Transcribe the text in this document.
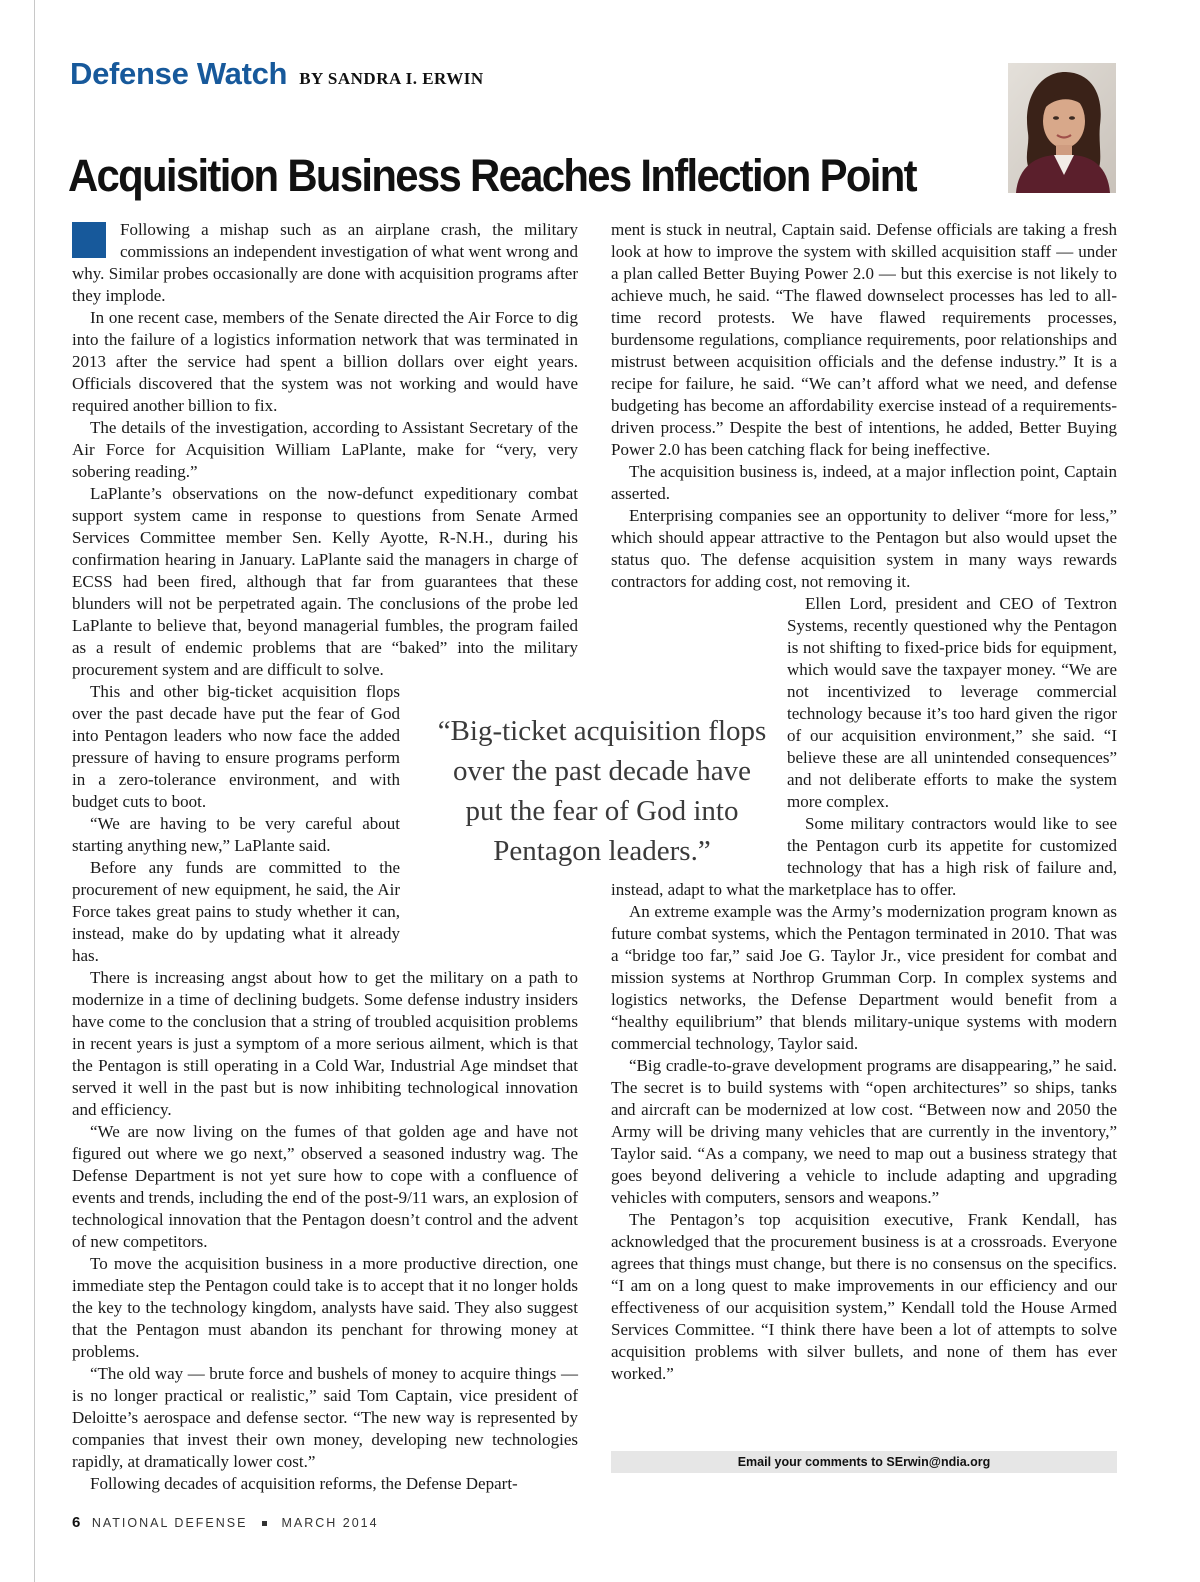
Defense Watch BY SANDRA I. ERWIN
Acquisition Business Reaches Inflection Point

Following a mishap such as an airplane crash, the military commissions an independent investigation of what went wrong and why. Similar probes occasionally are done with acquisition programs after they implode.

In one recent case, members of the Senate directed the Air Force to dig into the failure of a logistics information network that was terminated in 2013 after the service had spent a billion dollars over eight years. Officials discovered that the system was not working and would have required another billion to fix.

The details of the investigation, according to Assistant Secretary of the Air Force for Acquisition William LaPlante, make for “very, very sobering reading.”

LaPlante’s observations on the now-defunct expeditionary combat support system came in response to questions from Senate Armed Services Committee member Sen. Kelly Ayotte, R-N.H., during his confirmation hearing in January. LaPlante said the managers in charge of ECSS had been fired, although that far from guarantees that these blunders will not be perpetrated again. The conclusions of the probe led LaPlante to believe that, beyond managerial fumbles, the program failed as a result of endemic problems that are “baked” into the military procurement system and are difficult to solve.

This and other big-ticket acquisition flops over the past decade have put the fear of God into Pentagon leaders who now face the added pressure of having to ensure programs perform in a zero-tolerance environment, and with budget cuts to boot.

“We are having to be very careful about starting anything new,” LaPlante said.

Before any funds are committed to the procurement of new equipment, he said, the Air Force takes great pains to study whether it can, instead, make do by updating what it already has.

There is increasing angst about how to get the military on a path to modernize in a time of declining budgets. Some defense industry insiders have come to the conclusion that a string of troubled acquisition problems in recent years is just a symptom of a more serious ailment, which is that the Pentagon is still operating in a Cold War, Industrial Age mindset that served it well in the past but is now inhibiting technological innovation and efficiency.

“We are now living on the fumes of that golden age and have not figured out where we go next,” observed a seasoned industry wag. The Defense Department is not yet sure how to cope with a confluence of events and trends, including the end of the post-9/11 wars, an explosion of technological innovation that the Pentagon doesn’t control and the advent of new competitors.

To move the acquisition business in a more productive direction, one immediate step the Pentagon could take is to accept that it no longer holds the key to the technology kingdom, analysts have said. They also suggest that the Pentagon must abandon its penchant for throwing money at problems.

“The old way — brute force and bushels of money to acquire things — is no longer practical or realistic,” said Tom Captain, vice president of Deloitte’s aerospace and defense sector. “The new way is represented by companies that invest their own money, developing new technologies rapidly, at dramatically lower cost.”

Following decades of acquisition reforms, the Defense Depart-

ment is stuck in neutral, Captain said. Defense officials are taking a fresh look at how to improve the system with skilled acquisition staff — under a plan called Better Buying Power 2.0 — but this exercise is not likely to achieve much, he said. “The flawed downselect processes has led to all-time record protests. We have flawed requirements processes, burdensome regulations, compliance requirements, poor relationships and mistrust between acquisition officials and the defense industry.” It is a recipe for failure, he said. “We can’t afford what we need, and defense budgeting has become an affordability exercise instead of a requirements-driven process.” Despite the best of intentions, he added, Better Buying Power 2.0 has been catching flack for being ineffective.

The acquisition business is, indeed, at a major inflection point, Captain asserted.

Enterprising companies see an opportunity to deliver “more for less,” which should appear attractive to the Pentagon but also would upset the status quo. The defense acquisition system in many ways rewards contractors for adding cost, not removing it.

Ellen Lord, president and CEO of Textron Systems, recently questioned why the Pentagon is not shifting to fixed-price bids for equipment, which would save the taxpayer money. “We are not incentivized to leverage commercial technology because it’s too hard given the rigor of our acquisition environment,” she said. “I believe these are all unintended consequences” and not deliberate efforts to make the system more complex.

Some military contractors would like to see the Pentagon curb its appetite for customized technology that has a high risk of failure and, instead, adapt to what the marketplace has to offer.

An extreme example was the Army’s modernization program known as future combat systems, which the Pentagon terminated in 2010. That was a “bridge too far,” said Joe G. Taylor Jr., vice president for combat and mission systems at Northrop Grumman Corp. In complex systems and logistics networks, the Defense Department would benefit from a “healthy equilibrium” that blends military-unique systems with modern commercial technology, Taylor said.

“Big cradle-to-grave development programs are disappearing,” he said. The secret is to build systems with “open architectures” so ships, tanks and aircraft can be modernized at low cost. “Between now and 2050 the Army will be driving many vehicles that are currently in the inventory,” Taylor said. “As a company, we need to map out a business strategy that goes beyond delivering a vehicle to include adapting and upgrading vehicles with computers, sensors and weapons.”

The Pentagon’s top acquisition executive, Frank Kendall, has acknowledged that the procurement business is at a crossroads. Everyone agrees that things must change, but there is no consensus on the specifics. “I am on a long quest to make improvements in our efficiency and our effectiveness of our acquisition system,” Kendall told the House Armed Services Committee. “I think there have been a lot of attempts to solve acquisition problems with silver bullets, and none of them has ever worked.”

“Big-ticket acquisition flops over the past decade have put the fear of God into Pentagon leaders.”
Email your comments to SErwin@ndia.org
6 NATIONAL DEFENSE	MARCH 2014
